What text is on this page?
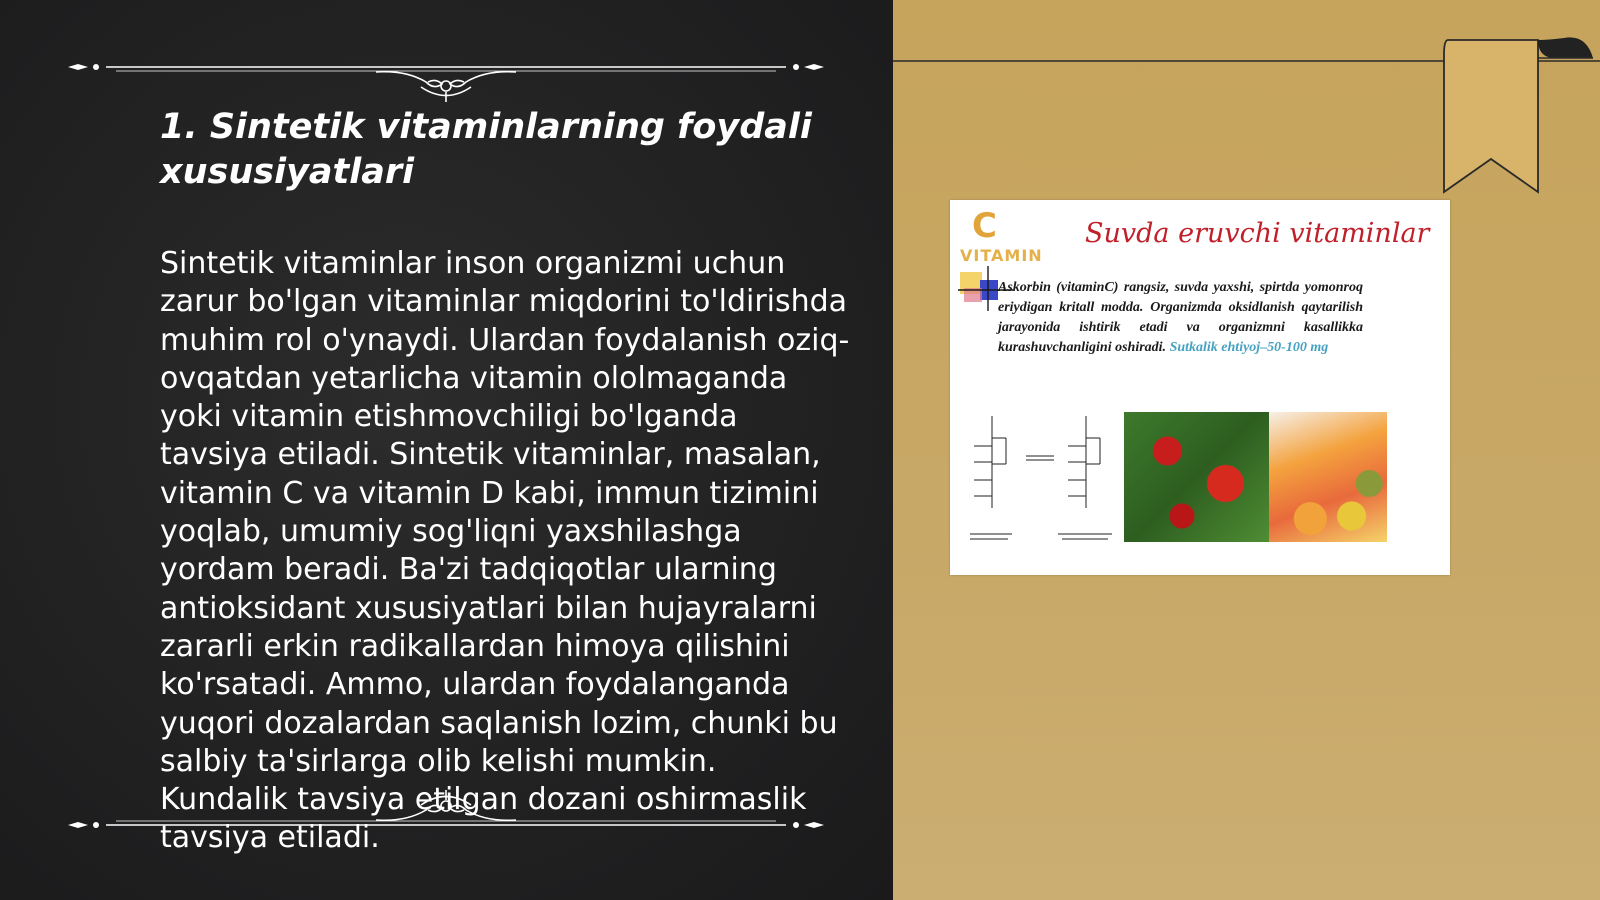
1. Sintetik vitaminlarning foydali xususiyatlari

Sintetik vitaminlar inson organizmi uchun zarur bo'lgan vitaminlar miqdorini to'ldirishda muhim rol o'ynaydi. Ulardan foydalanish oziq-ovqatdan yetarlicha vitamin ololmaganda yoki vitamin etishmovchiligi bo'lganda tavsiya etiladi. Sintetik vitaminlar, masalan, vitamin C va vitamin D kabi, immun tizimini yoqlab, umumiy sog'liqni yaxshilashga yordam beradi. Ba'zi tadqiqotlar ularning antioksidant xususiyatlari bilan hujayralarni zararli erkin radikallardan himoya qilishini ko'rsatadi. Ammo, ulardan foydalanganda yuqori dozalardan saqlanish lozim, chunki bu salbiy ta'sirlarga olib kelishi mumkin. Kundalik tavsiya etilgan dozani oshirmaslik tavsiya etiladi.

C
VITAMIN
Suvda eruvchi vitaminlar
Askorbin (vitaminC) rangsiz, suvda yaxshi, spirtda yomonroq eriydigan kritall modda. Organizmda oksidlanish qaytarilish jarayonida ishtirik etadi va organizmni kasallikka kurashuvchanligini oshiradi. Sutkalik ehtiyoj–50-100 mg
